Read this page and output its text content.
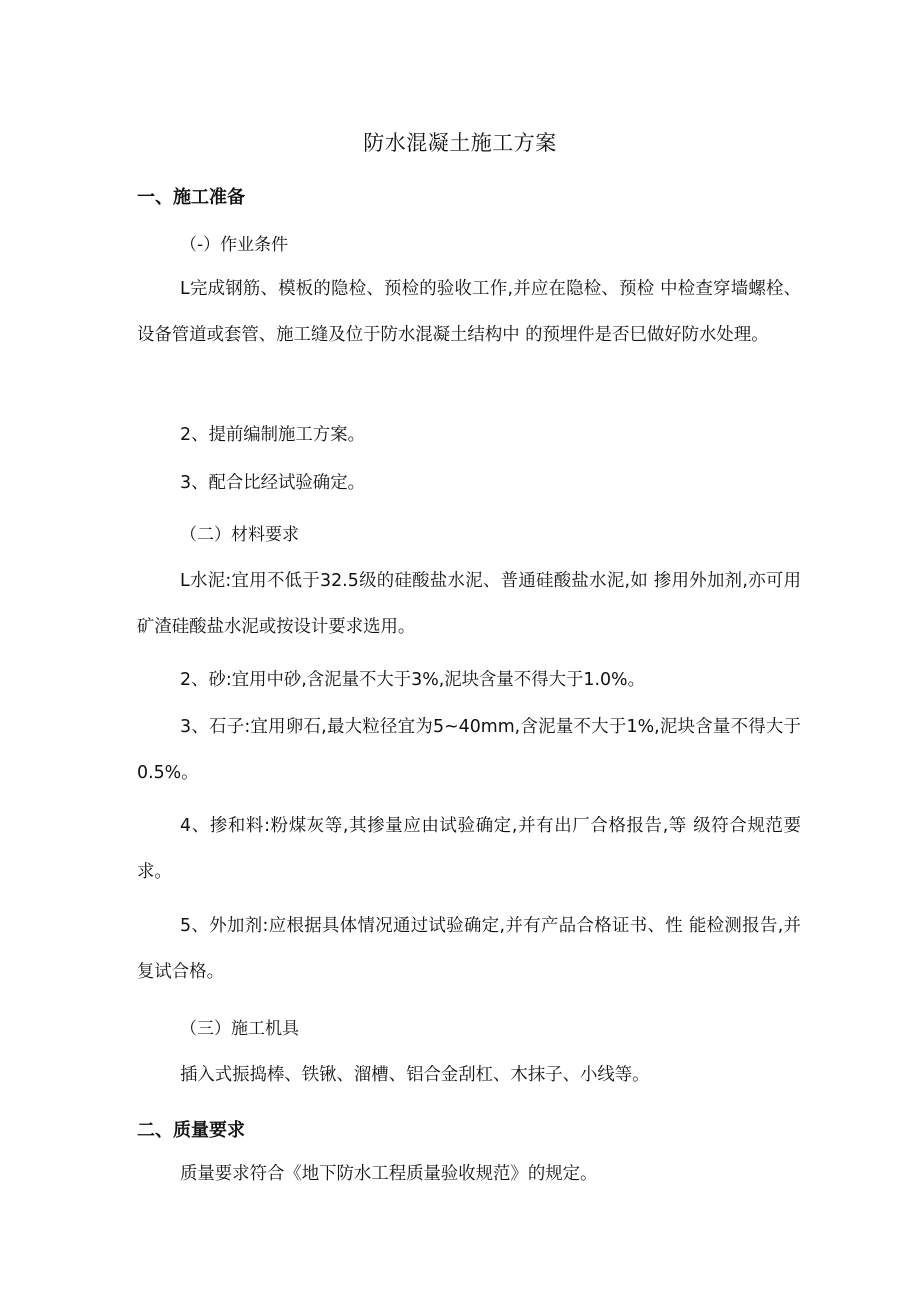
防水混凝土施工方案
一、施工准备
（-）作业条件

L完成钢筋、模板的隐检、预检的验收工作,并应在隐检、预检 中检查穿墙螺栓、设备管道或套管、施工缝及位于防水混凝土结构中 的预埋件是否巳做好防水处理。

2、提前编制施工方案。

3、配合比经试验确定。

（二）材料要求

L水泥:宜用不低于32.5级的硅酸盐水泥、普通硅酸盐水泥,如 掺用外加剂,亦可用矿渣硅酸盐水泥或按设计要求选用。

2、砂:宜用中砂,含泥量不大于3%,泥块含量不得大于1.0%。

3、石子:宜用卵石,最大粒径宜为5~40mm,含泥量不大于1%,泥块含量不得大于0.5%。

4、掺和料:粉煤灰等,其掺量应由试验确定,并有出厂合格报告,等 级符合规范要求。

5、外加剂:应根据具体情况通过试验确定,并有产品合格证书、性 能检测报告,并复试合格。

（三）施工机具

插入式振捣棒、铁锹、溜槽、铝合金刮杠、木抹子、小线等。

二、质量要求

质量要求符合《地下防水工程质量验收规范》的规定。
